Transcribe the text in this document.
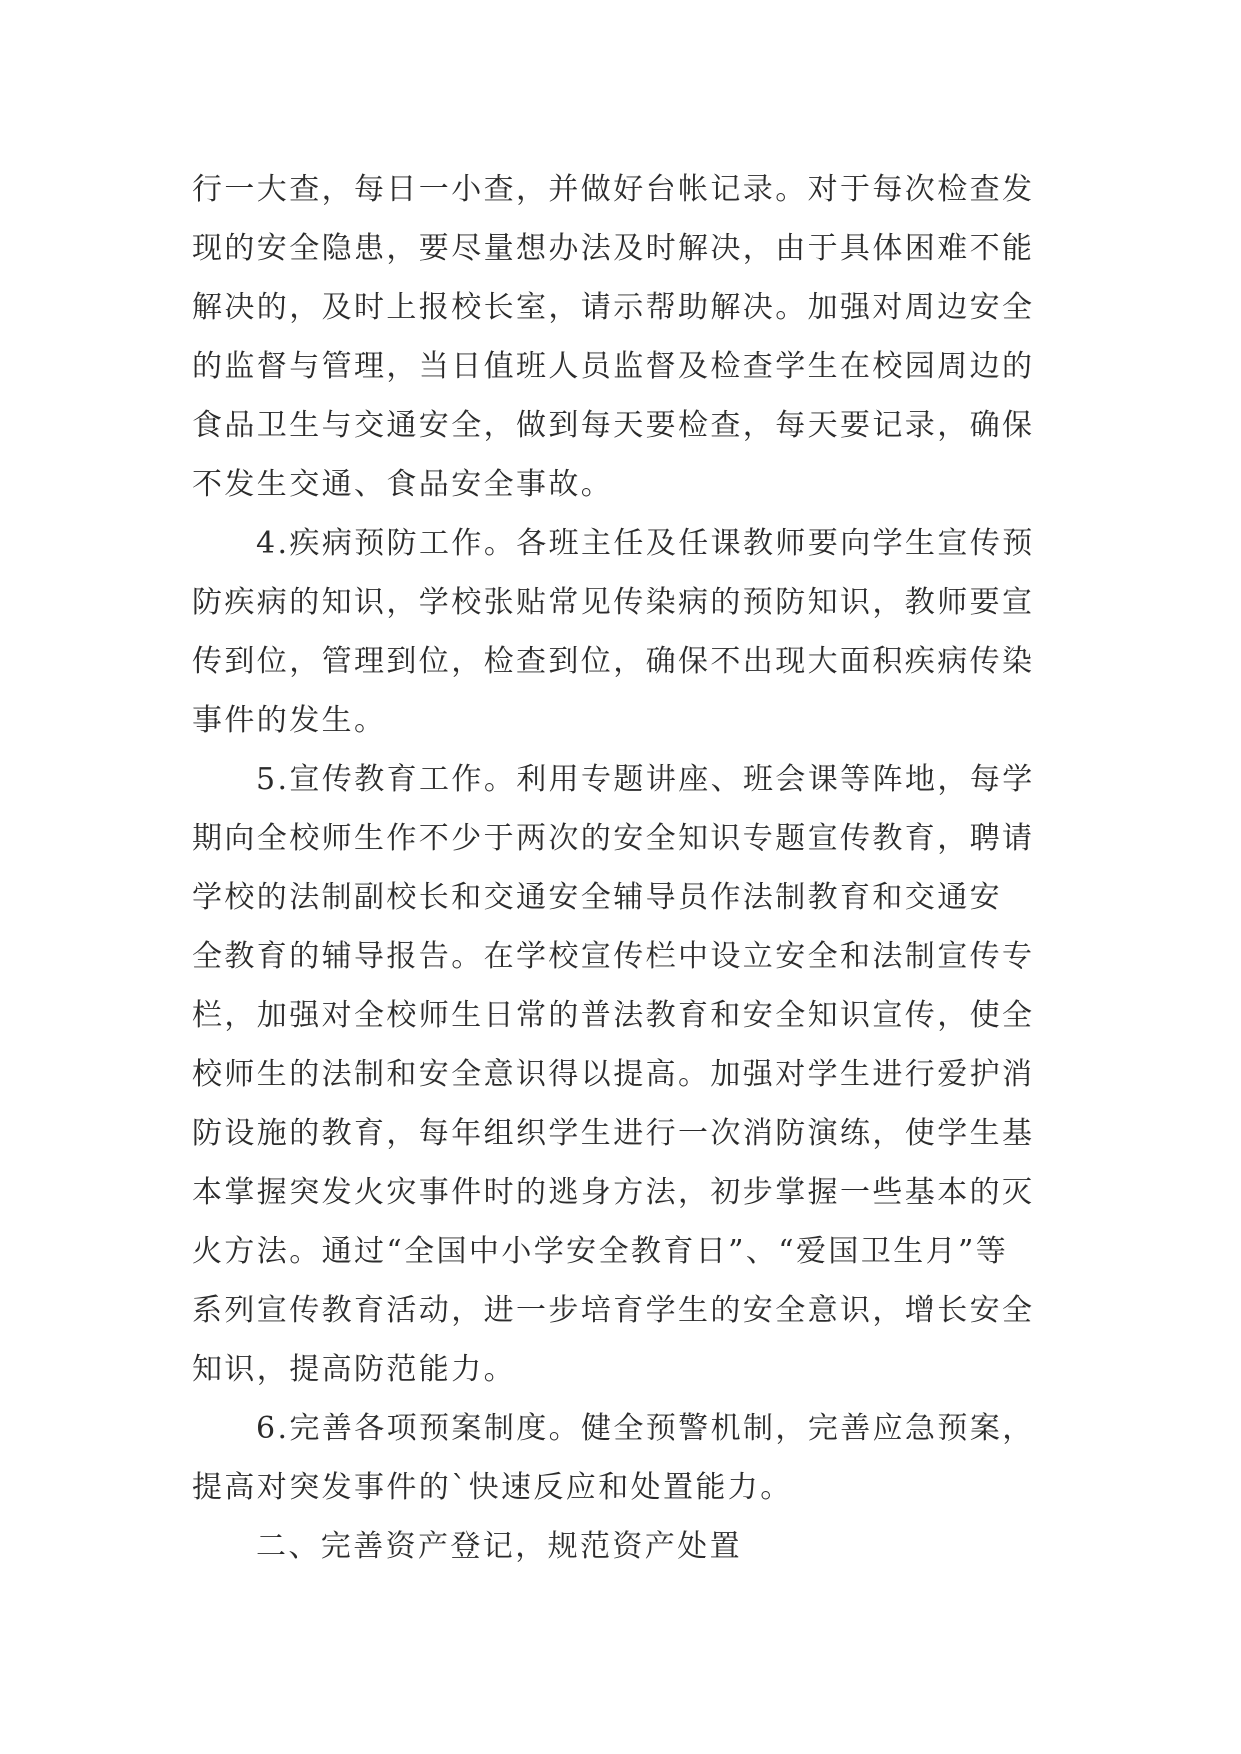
行一大查，每日一小查，并做好台帐记录。对于每次检查发
现的安全隐患，要尽量想办法及时解决，由于具体困难不能
解决的，及时上报校长室，请示帮助解决。加强对周边安全
的监督与管理，当日值班人员监督及检查学生在校园周边的
食品卫生与交通安全，做到每天要检查，每天要记录，确保
不发生交通、食品安全事故。
4.疾病预防工作。各班主任及任课教师要向学生宣传预
防疾病的知识，学校张贴常见传染病的预防知识，教师要宣
传到位，管理到位，检查到位，确保不出现大面积疾病传染
事件的发生。
5.宣传教育工作。利用专题讲座、班会课等阵地，每学
期向全校师生作不少于两次的安全知识专题宣传教育，聘请
学校的法制副校长和交通安全辅导员作法制教育和交通安
全教育的辅导报告。在学校宣传栏中设立安全和法制宣传专
栏，加强对全校师生日常的普法教育和安全知识宣传，使全
校师生的法制和安全意识得以提高。加强对学生进行爱护消
防设施的教育，每年组织学生进行一次消防演练，使学生基
本掌握突发火灾事件时的逃身方法，初步掌握一些基本的灭
火方法。通过“全国中小学安全教育日”、“爱国卫生月”等
系列宣传教育活动，进一步培育学生的安全意识，增长安全
知识，提高防范能力。
6.完善各项预案制度。健全预警机制，完善应急预案，
提高对突发事件的`快速反应和处置能力。
二、完善资产登记，规范资产处置
